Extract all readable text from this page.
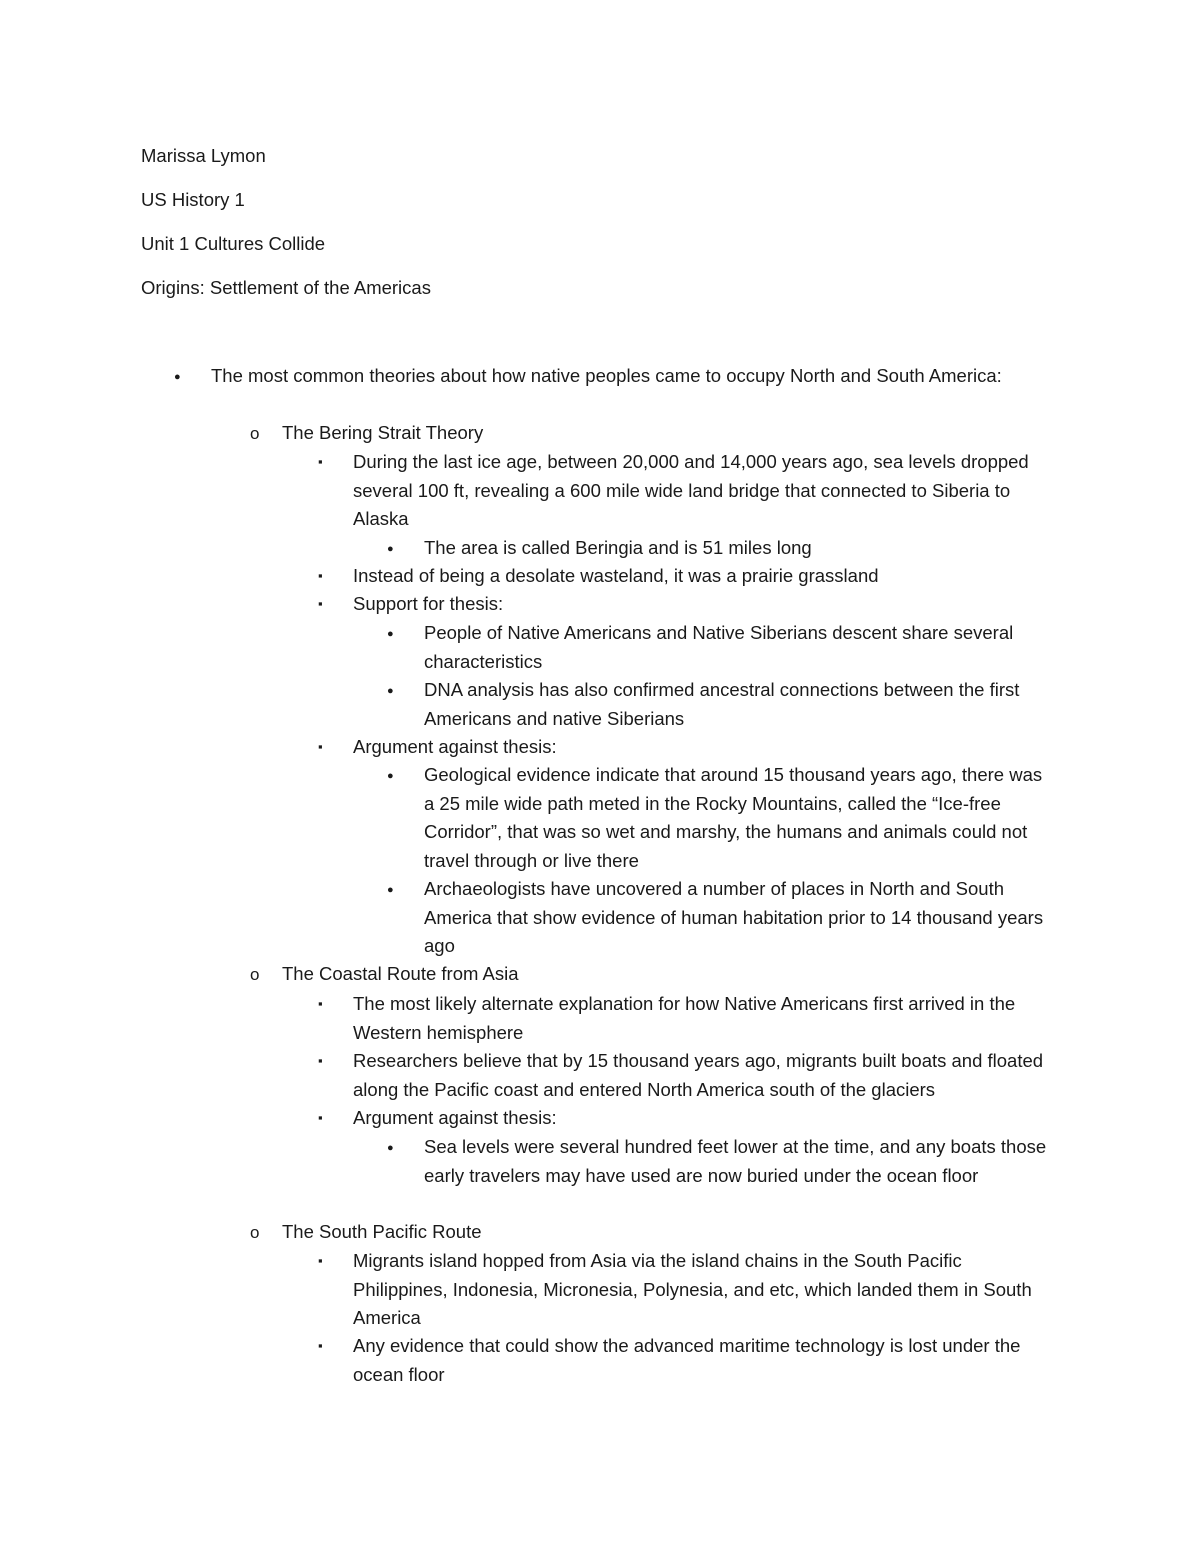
Marissa Lymon
US History 1
Unit 1 Cultures Collide
Origins: Settlement of the Americas
●
The most common theories about how native peoples came to occupy North and South America:
o
The Bering Strait Theory
▪
During the last ice age, between 20,000 and 14,000 years ago, sea levels dropped several 100 ft, revealing a 600 mile wide land bridge that connected to Siberia to Alaska
●
The area is called Beringia and is 51 miles long
▪
Instead of being a desolate wasteland, it was a prairie grassland
▪
Support for thesis:
●
People of Native Americans and Native Siberians descent share several characteristics
●
DNA analysis has also confirmed ancestral connections between the first Americans and native Siberians
▪
Argument against thesis:
●
Geological evidence indicate that around 15 thousand years ago, there was a 25 mile wide path meted in the Rocky Mountains, called the “Ice-free Corridor”, that was so wet and marshy, the humans and animals could not travel through or live there
●
Archaeologists have uncovered a number of places in North and South America that show evidence of human habitation prior to 14 thousand years ago
o
The Coastal Route from Asia
▪
The most likely alternate explanation for how Native Americans first arrived in the Western hemisphere
▪
Researchers believe that by 15 thousand years ago, migrants built boats and floated along the Pacific coast and entered North America south of the glaciers
▪
Argument against thesis:
●
Sea levels were several hundred feet lower at the time, and any boats those early travelers may have used are now buried under the ocean floor
o
The South Pacific Route
▪
Migrants island hopped from Asia via the island chains in the South Pacific Philippines, Indonesia, Micronesia, Polynesia, and etc, which landed them in South America
▪
Any evidence that could show the advanced maritime technology is lost under the ocean floor
